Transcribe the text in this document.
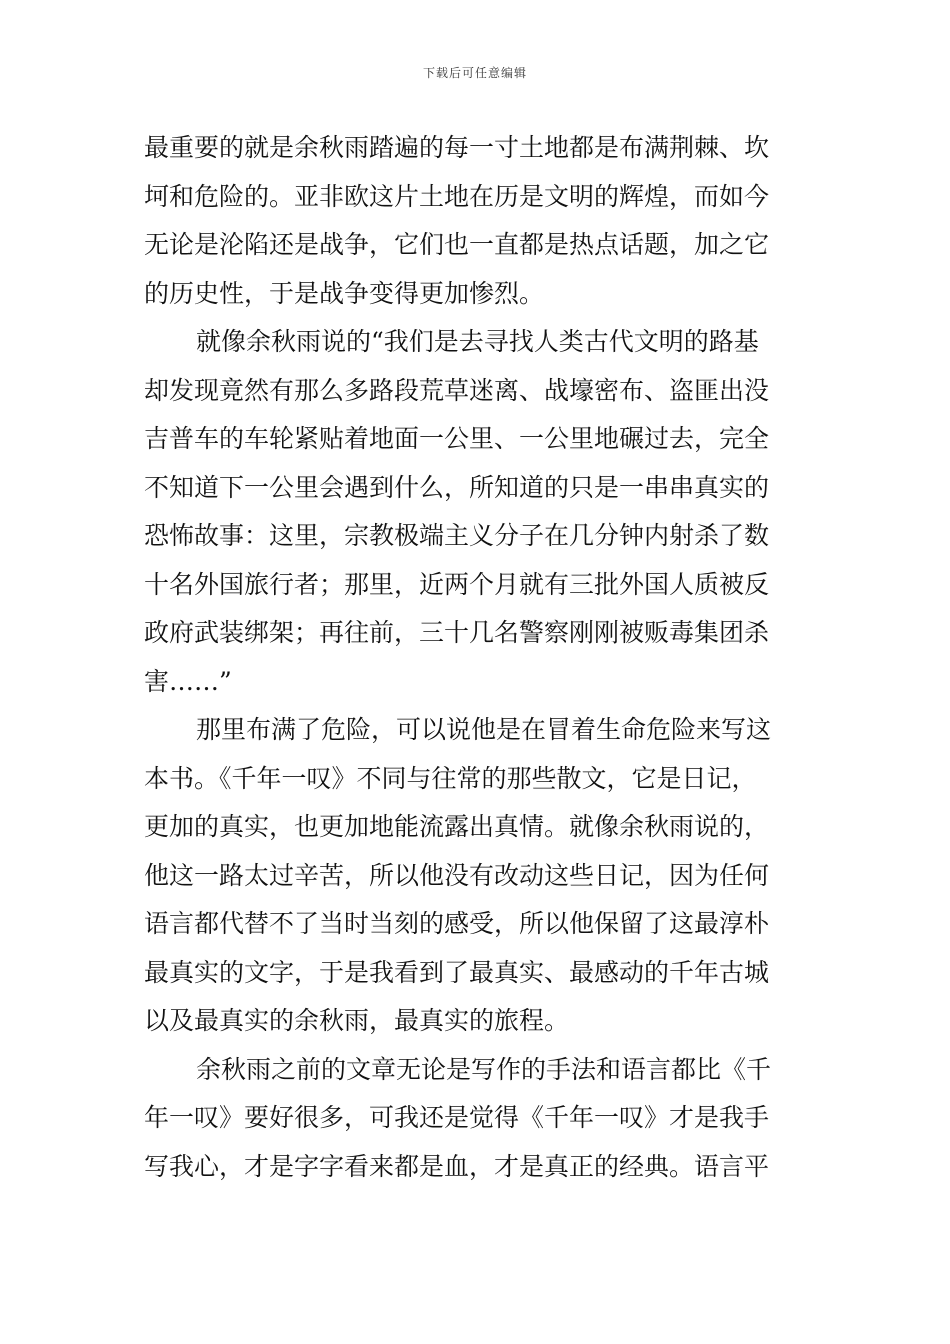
下载后可任意编辑
最重要的就是余秋雨踏遍的每一寸土地都是布满荆棘、坎
坷和危险的。亚非欧这片土地在历是文明的辉煌，而如今
无论是沦陷还是战争，它们也一直都是热点话题，加之它
的历史性，于是战争变得更加惨烈。
就像余秋雨说的“我们是去寻找人类古代文明的路基
却发现竟然有那么多路段荒草迷离、战壕密布、盗匪出没
吉普车的车轮紧贴着地面一公里、一公里地碾过去，完全
不知道下一公里会遇到什么，所知道的只是一串串真实的
恐怖故事：这里，宗教极端主义分子在几分钟内射杀了数
十名外国旅行者；那里，近两个月就有三批外国人质被反
政府武装绑架；再往前，三十几名警察刚刚被贩毒集团杀
害……”
那里布满了危险，可以说他是在冒着生命危险来写这
本书。《千年一叹》不同与往常的那些散文，它是日记，
更加的真实，也更加地能流露出真情。就像余秋雨说的，
他这一路太过辛苦，所以他没有改动这些日记，因为任何
语言都代替不了当时当刻的感受，所以他保留了这最淳朴
最真实的文字，于是我看到了最真实、最感动的千年古城
以及最真实的余秋雨，最真实的旅程。
余秋雨之前的文章无论是写作的手法和语言都比《千
年一叹》要好很多，可我还是觉得《千年一叹》才是我手
写我心，才是字字看来都是血，才是真正的经典。语言平
